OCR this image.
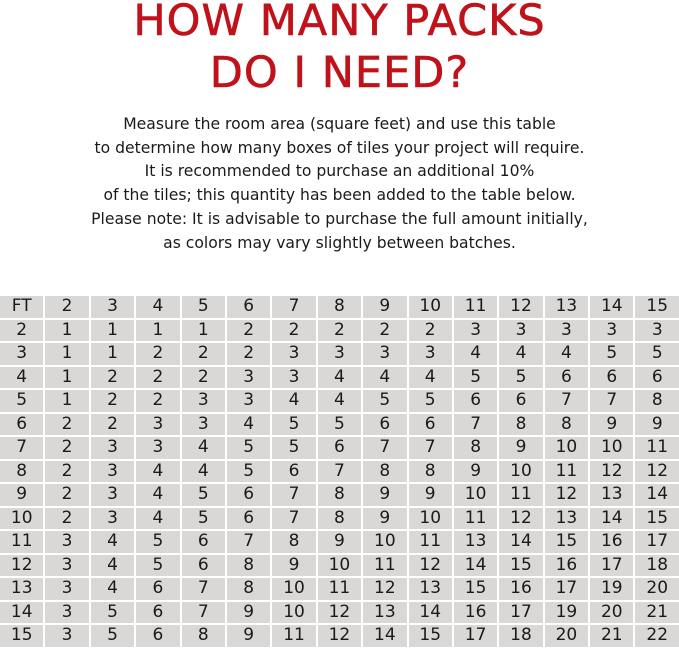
HOW MANY PACKS
DO I NEED?
Measure the room area (square feet) and use this table
to determine how many boxes of tiles your project will require.
It is recommended to purchase an additional 10%
of the tiles; this quantity has been added to the table below.
Please note: It is advisable to purchase the full amount initially,
as colors may vary slightly between batches.
FT	2	3	4	5	6	7	8	9	10	11	12	13	14	15
2	1	1	1	1	2	2	2	2	2	3	3	3	3	3
3	1	1	2	2	2	3	3	3	3	4	4	4	5	5
4	1	2	2	2	3	3	4	4	4	5	5	6	6	6
5	1	2	2	3	3	4	4	5	5	6	6	7	7	8
6	2	2	3	3	4	5	5	6	6	7	8	8	9	9
7	2	3	3	4	5	5	6	7	7	8	9	10	10	11
8	2	3	4	4	5	6	7	8	8	9	10	11	12	12
9	2	3	4	5	6	7	8	9	9	10	11	12	13	14
10	2	3	4	5	6	7	8	9	10	11	12	13	14	15
11	3	4	5	6	7	8	9	10	11	13	14	15	16	17
12	3	4	5	6	8	9	10	11	12	14	15	16	17	18
13	3	4	6	7	8	10	11	12	13	15	16	17	19	20
14	3	5	6	7	9	10	12	13	14	16	17	19	20	21
15	3	5	6	8	9	11	12	14	15	17	18	20	21	22
